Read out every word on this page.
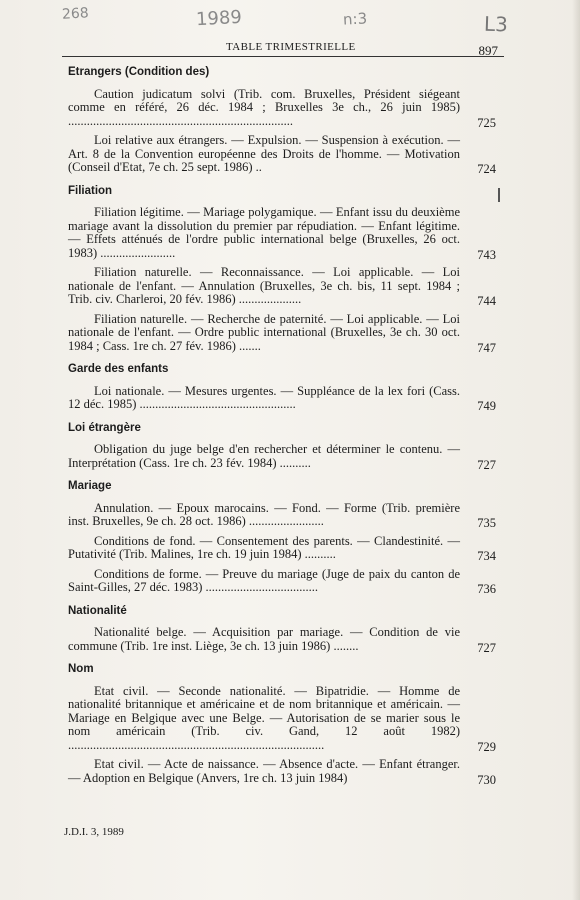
268	1989	n:3	L3
TABLE TRIMESTRIELLE	897
Etrangers (Condition des)
Caution judicatum solvi (Trib. com. Bruxelles, Président siégeant comme en référé, 26 déc. 1984 ; Bruxelles 3e ch., 26 juin 1985) ........................................................................	725
Loi relative aux étrangers. — Expulsion. — Suspension à exécution. — Art. 8 de la Convention européenne des Droits de l'homme. — Motivation (Conseil d'Etat, 7e ch. 25 sept. 1986) ..	724
Filiation
Filiation légitime. — Mariage polygamique. — Enfant issu du deuxième mariage avant la dissolution du premier par répudiation. — Enfant légitime. — Effets atténués de l'ordre public international belge (Bruxelles, 26 oct. 1983) ........................	743
Filiation naturelle. — Reconnaissance. — Loi applicable. — Loi nationale de l'enfant. — Annulation (Bruxelles, 3e ch. bis, 11 sept. 1984 ; Trib. civ. Charleroi, 20 fév. 1986) ....................	744
Filiation naturelle. — Recherche de paternité. — Loi applicable. — Loi nationale de l'enfant. — Ordre public international (Bruxelles, 3e ch. 30 oct. 1984 ; Cass. 1re ch. 27 fév. 1986) .......	747
Garde des enfants
Loi nationale. — Mesures urgentes. — Suppléance de la lex fori (Cass. 12 déc. 1985) ..................................................	749
Loi étrangère
Obligation du juge belge d'en rechercher et déterminer le contenu. — Interprétation (Cass. 1re ch. 23 fév. 1984) ..........	727
Mariage
Annulation. — Epoux marocains. — Fond. — Forme (Trib. première inst. Bruxelles, 9e ch. 28 oct. 1986) ........................	735
Conditions de fond. — Consentement des parents. — Clandestinité. — Putativité (Trib. Malines, 1re ch. 19 juin 1984) ..........	734
Conditions de forme. — Preuve du mariage (Juge de paix du canton de Saint-Gilles, 27 déc. 1983) ....................................	736
Nationalité
Nationalité belge. — Acquisition par mariage. — Condition de vie commune (Trib. 1re inst. Liège, 3e ch. 13 juin 1986) ........	727
Nom
Etat civil. — Seconde nationalité. — Bipatridie. — Homme de nationalité britannique et américaine et de nom britannique et américain. — Mariage en Belgique avec une Belge. — Autorisation de se marier sous le nom américain (Trib. civ. Gand, 12 août 1982) ..................................................................................	729
Etat civil. — Acte de naissance. — Absence d'acte. — Enfant étranger. — Adoption en Belgique (Anvers, 1re ch. 13 juin 1984)	730
J.D.I. 3, 1989
